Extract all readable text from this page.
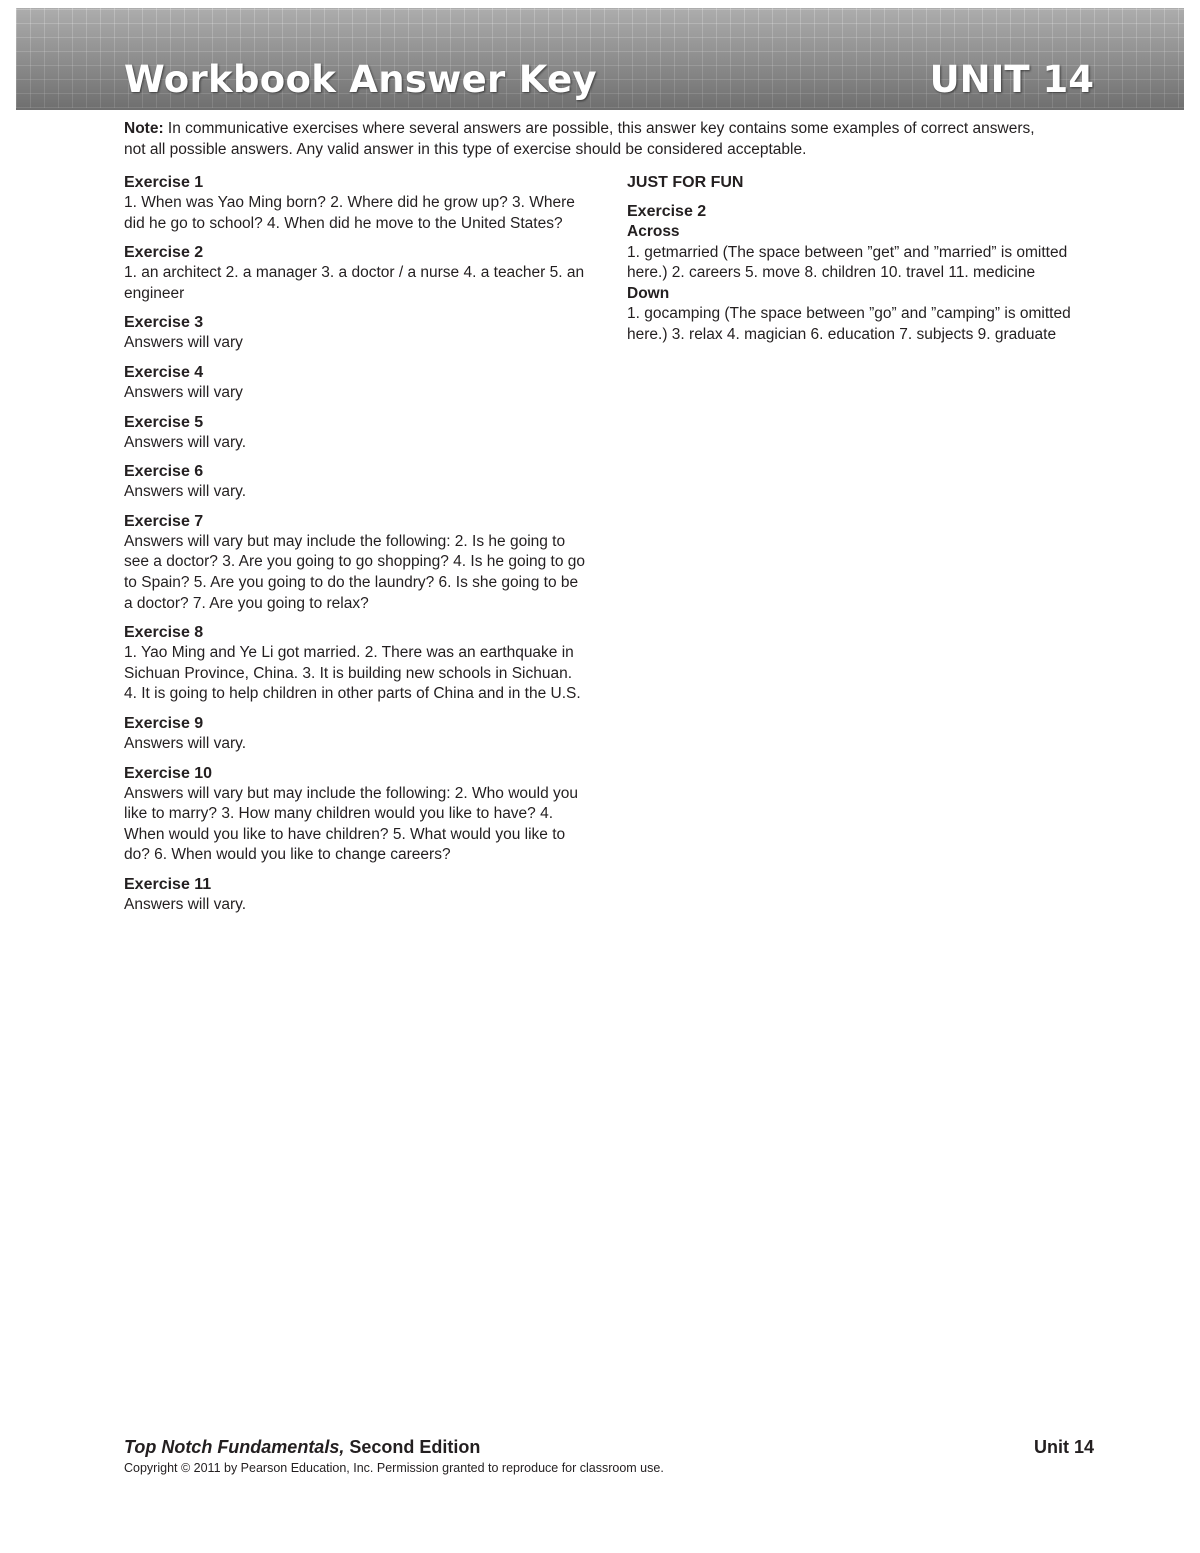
Workbook Answer Key	UNIT 14
Note: In communicative exercises where several answers are possible, this answer key contains some examples of correct answers, not all possible answers. Any valid answer in this type of exercise should be considered acceptable.
Exercise 1
1. When was Yao Ming born? 2. Where did he grow up? 3. Where did he go to school? 4. When did he move to the United States?
Exercise 2
1. an architect 2. a manager 3. a doctor / a nurse 4. a teacher 5. an engineer
Exercise 3
Answers will vary
Exercise 4
Answers will vary
Exercise 5
Answers will vary.
Exercise 6
Answers will vary.
Exercise 7
Answers will vary but may include the following: 2. Is he going to see a doctor? 3. Are you going to go shopping? 4. Is he going to go to Spain? 5. Are you going to do the laundry? 6. Is she going to be a doctor? 7. Are you going to relax?
Exercise 8
1. Yao Ming and Ye Li got married. 2. There was an earthquake in Sichuan Province, China. 3. It is building new schools in Sichuan. 4. It is going to help children in other parts of China and in the U.S.
Exercise 9
Answers will vary.
Exercise 10
Answers will vary but may include the following: 2. Who would you like to marry? 3. How many children would you like to have? 4. When would you like to have children? 5. What would you like to do? 6. When would you like to change careers?
Exercise 11
Answers will vary.
JUST FOR FUN
Exercise 2
Across
1. getmarried (The space between ”get” and ”married” is omitted here.) 2. careers 5. move 8. children 10. travel 11. medicine
Down
1. gocamping (The space between ”go” and ”camping” is omitted here.) 3. relax 4. magician 6. education 7. subjects 9. graduate
Top Notch Fundamentals, Second Edition	Unit 14
Copyright © 2011 by Pearson Education, Inc. Permission granted to reproduce for classroom use.
